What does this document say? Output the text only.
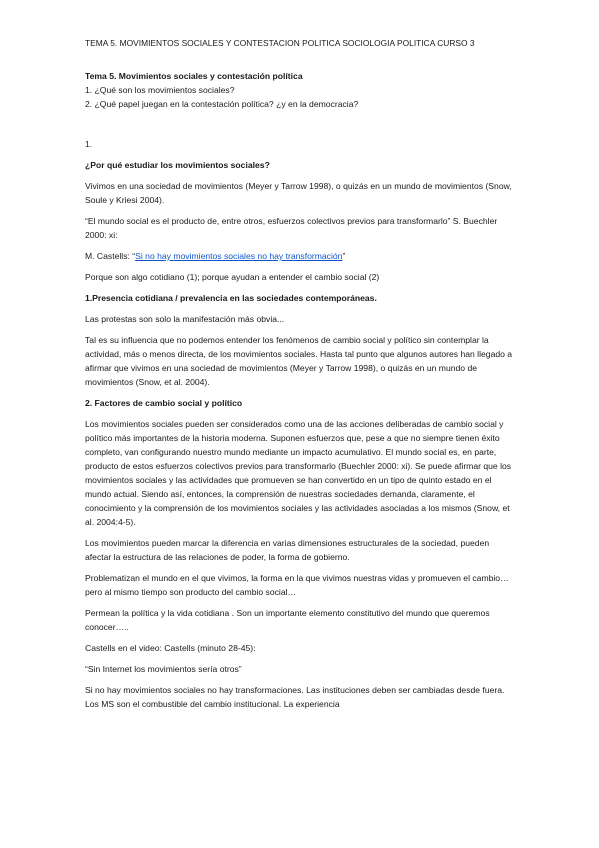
TEMA 5. MOVIMIENTOS SOCIALES Y CONTESTACION POLITICA SOCIOLOGIA POLITICA CURSO 3

Tema 5. Movimientos sociales y contestación política

1. ¿Qué son los movimientos sociales?

2. ¿Qué papel juegan en la contestación política? ¿y en la democracia?

1.

¿Por qué estudiar los movimientos sociales?

Vivimos en una sociedad de movimientos (Meyer y Tarrow 1998), o quizás en un mundo de movimientos (Snow, Soule y Kriesi 2004).

“El mundo social es el producto de, entre otros, esfuerzos colectivos previos para transformarlo” S. Buechler 2000: xi:

M. Castells: “Si no hay movimientos sociales no hay transformación”

Porque son algo cotidiano (1); porque ayudan a entender el cambio social (2)

1.Presencia cotidiana / prevalencia en las sociedades contemporáneas.

Las protestas son solo la manifestación más obvia...

Tal es su influencia que no podemos entender los fenómenos de cambio social y político sin contemplar la actividad, más o menos directa, de los movimientos sociales. Hasta tal punto que algunos autores han llegado a afirmar que vivimos en una sociedad de movimientos (Meyer y Tarrow 1998), o quizás en un mundo de movimientos (Snow, et al. 2004).

2. Factores de cambio social y político

Los movimientos sociales pueden ser considerados como una de las acciones deliberadas de cambio social y político más importantes de la historia moderna. Suponen esfuerzos que, pese a que no siempre tienen éxito completo, van configurando nuestro mundo mediante un impacto acumulativo. El mundo social es, en parte, producto de estos esfuerzos colectivos previos para transformarlo (Buechler 2000: xi). Se puede afirmar que los movimientos sociales y las actividades que promueven se han convertido en un tipo de quinto estado en el mundo actual. Siendo así, entonces, la comprensión de nuestras sociedades demanda, claramente, el conocimiento y la comprensión de los movimientos sociales y las actividades asociadas a los mismos (Snow, et al. 2004:4-5).

Los movimientos pueden marcar la diferencia en varias dimensiones estructurales de la sociedad, pueden afectar la estructura de las relaciones de poder, la forma de gobierno.

Problematizan el mundo en el que vivimos, la forma en la que vivimos nuestras vidas y promueven el cambio… pero al mismo tiempo son producto del cambio social…

Permean la política y la vida cotidiana . Son un importante elemento constitutivo del mundo que queremos conocer…..

Castells en el video: Castells (minuto 28-45):

“Sin Internet los movimientos sería otros”

Si no hay movimientos sociales no hay transformaciones. Las instituciones deben ser cambiadas desde fuera. Los MS son el combustible del cambio institucional. La experiencia
